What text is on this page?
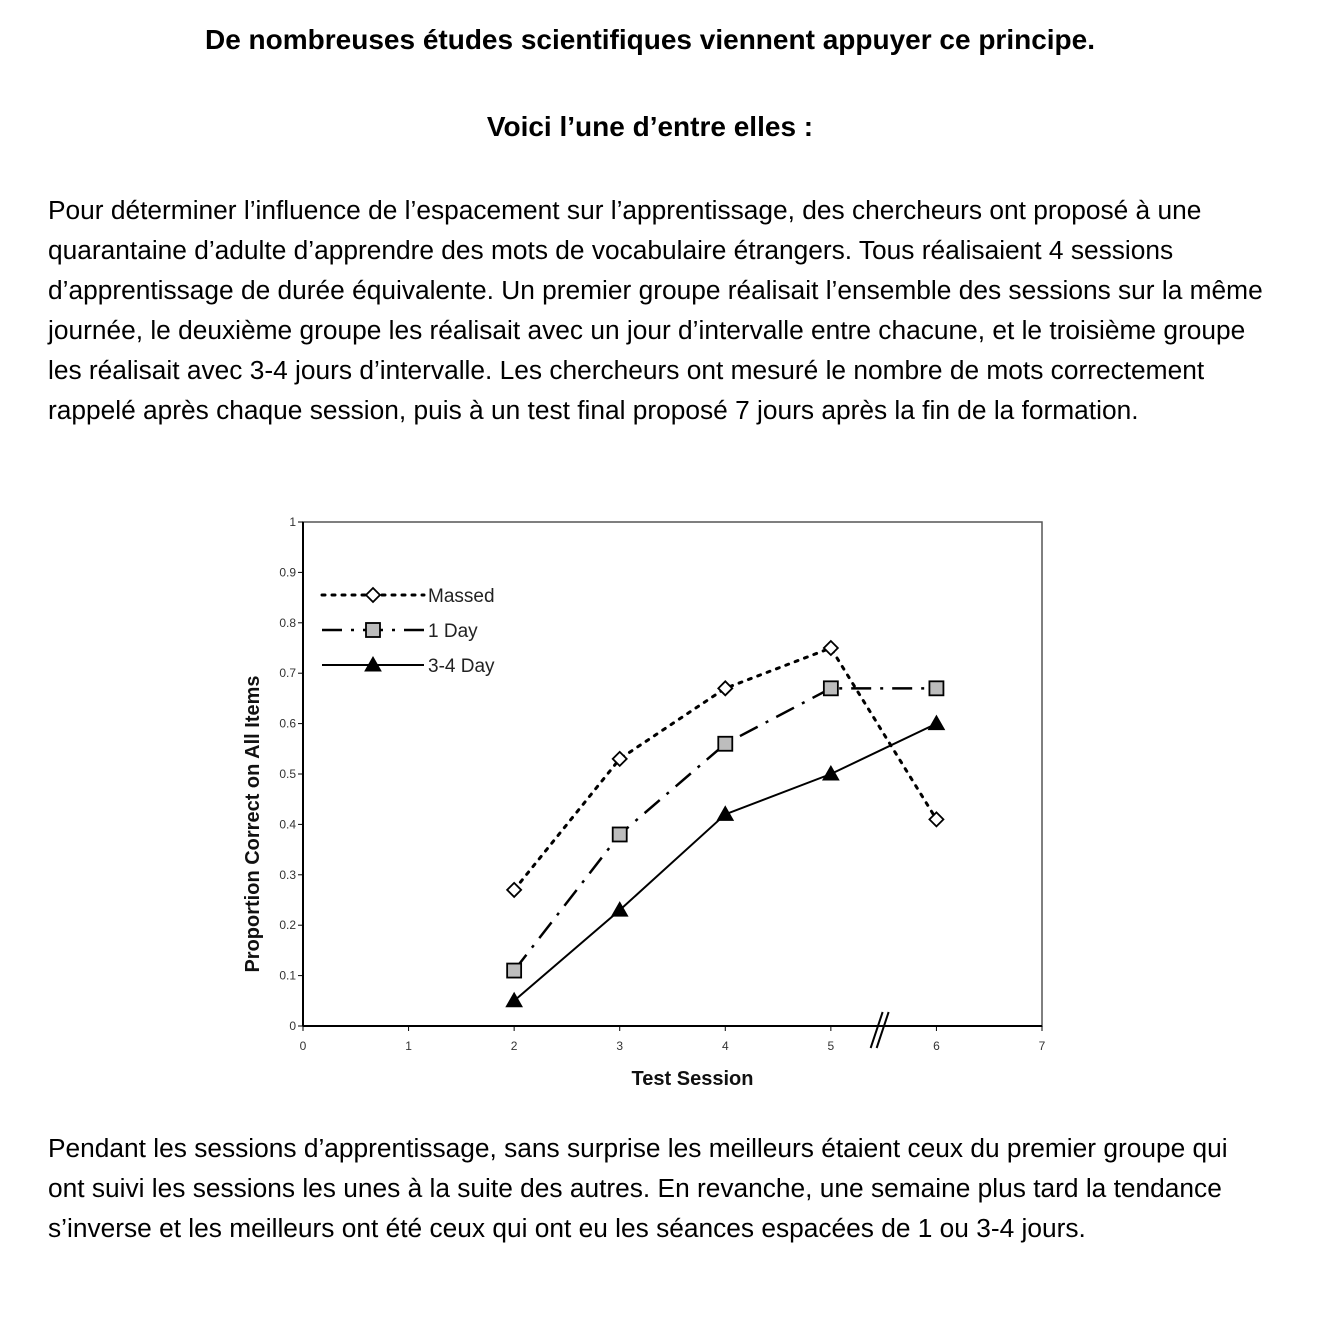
De nombreuses études scientifiques viennent appuyer ce principe.
Voici l’une d’entre elles :

Pour déterminer l’influence de l’espacement sur l’apprentissage, des chercheurs ont proposé à une quarantaine d’adulte d’apprendre des mots de vocabulaire étrangers. Tous réalisaient 4 sessions d’apprentissage de durée équivalente. Un premier groupe réalisait l’ensemble des sessions sur la même journée, le deuxième groupe les réalisait avec un jour d’intervalle entre chacune, et le troisième groupe les réalisait avec 3-4 jours d’intervalle. Les chercheurs ont mesuré le nombre de mots correctement rappelé après chaque session, puis à un test final proposé 7 jours après la fin de la formation.

0
0.1
0.2
0.3
0.4
0.5
0.6
0.7
0.8
0.9
1
0	1	2	3	4	5	6	7
Test Session
Proportion Correct on All Items
Massed
1 Day
3-4 Day

Pendant les sessions d’apprentissage, sans surprise les meilleurs étaient ceux du premier groupe qui ont suivi les sessions les unes à la suite des autres. En revanche, une semaine plus tard la tendance s’inverse et les meilleurs ont été ceux qui ont eu les séances espacées de 1 ou 3-4 jours.
